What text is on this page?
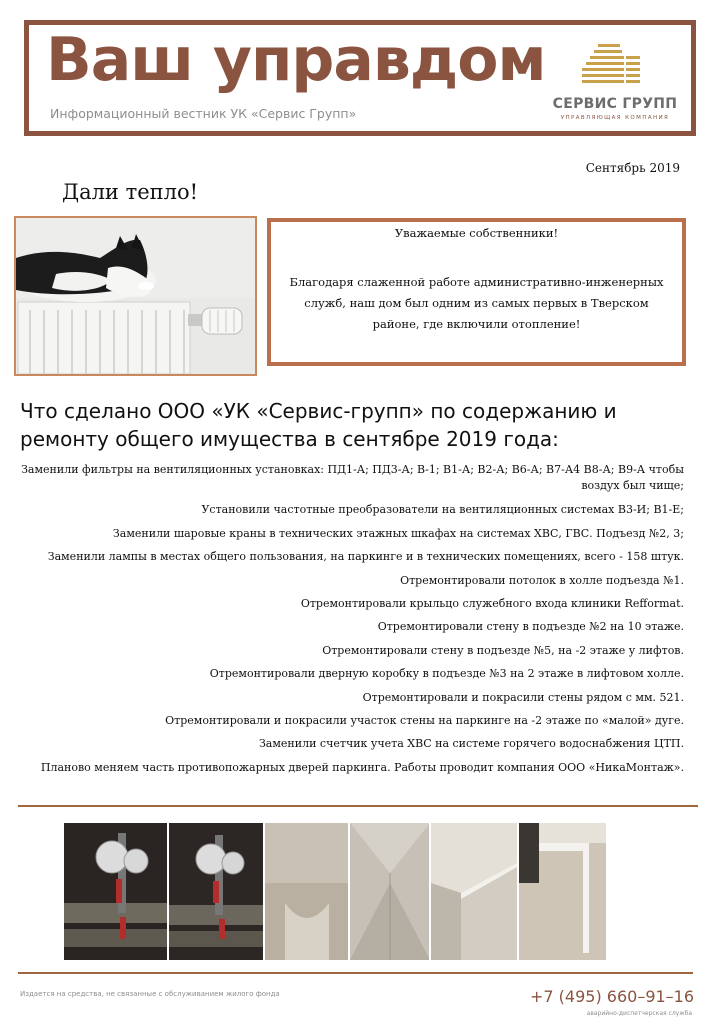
Ваш управдом
Информационный вестник УК «Сервис Групп»
СЕРВИС ГРУПП
УПРАВЛЯЮЩАЯ КОМПАНИЯ
Сентябрь 2019
Дали тепло!
Уважаемые собственники!
Благодаря слаженной работе административно-инженерных служб, наш дом был одним из самых первых в Тверском районе, где включили отопление!
Что сделано ООО «УК «Сервис-групп» по содержанию и ремонту общего имущества в сентябре 2019 года:
Заменили фильтры на вентиляционных установках: ПД1-А; ПД3-А; В-1; В1-А; В2-А; В6-А; В7-А4 В8-А; В9-А чтобы воздух был чище;
Установили частотные преобразователи на вентиляционных системах В3-И; В1-Е;
Заменили шаровые краны в технических этажных шкафах на системах ХВС, ГВС. Подъезд №2, 3;
Заменили лампы в местах общего пользования, на паркинге и в технических помещениях, всего - 158 штук.
Отремонтировали потолок в холле подъезда №1.
Отремонтировали крыльцо служебного входа клиники Refformat.
Отремонтировали стену в подъезде №2 на 10 этаже.
Отремонтировали стену в подъезде №5, на -2 этаже у лифтов.
Отремонтировали дверную коробку в подъезде №3 на 2 этаже в лифтовом холле.
Отремонтировали и покрасили стены рядом с мм. 521.
Отремонтировали и покрасили участок стены на паркинге на -2 этаже по «малой» дуге.
Заменили счетчик учета ХВС на системе горячего водоснабжения ЦТП.
Планово меняем часть противопожарных дверей паркинга. Работы проводит компания ООО «НикаМонтаж».
Издается на средства, не связанные с обслуживанием жилого фонда	+7 (495) 660–91–16
аварийно-диспетчерская служба
